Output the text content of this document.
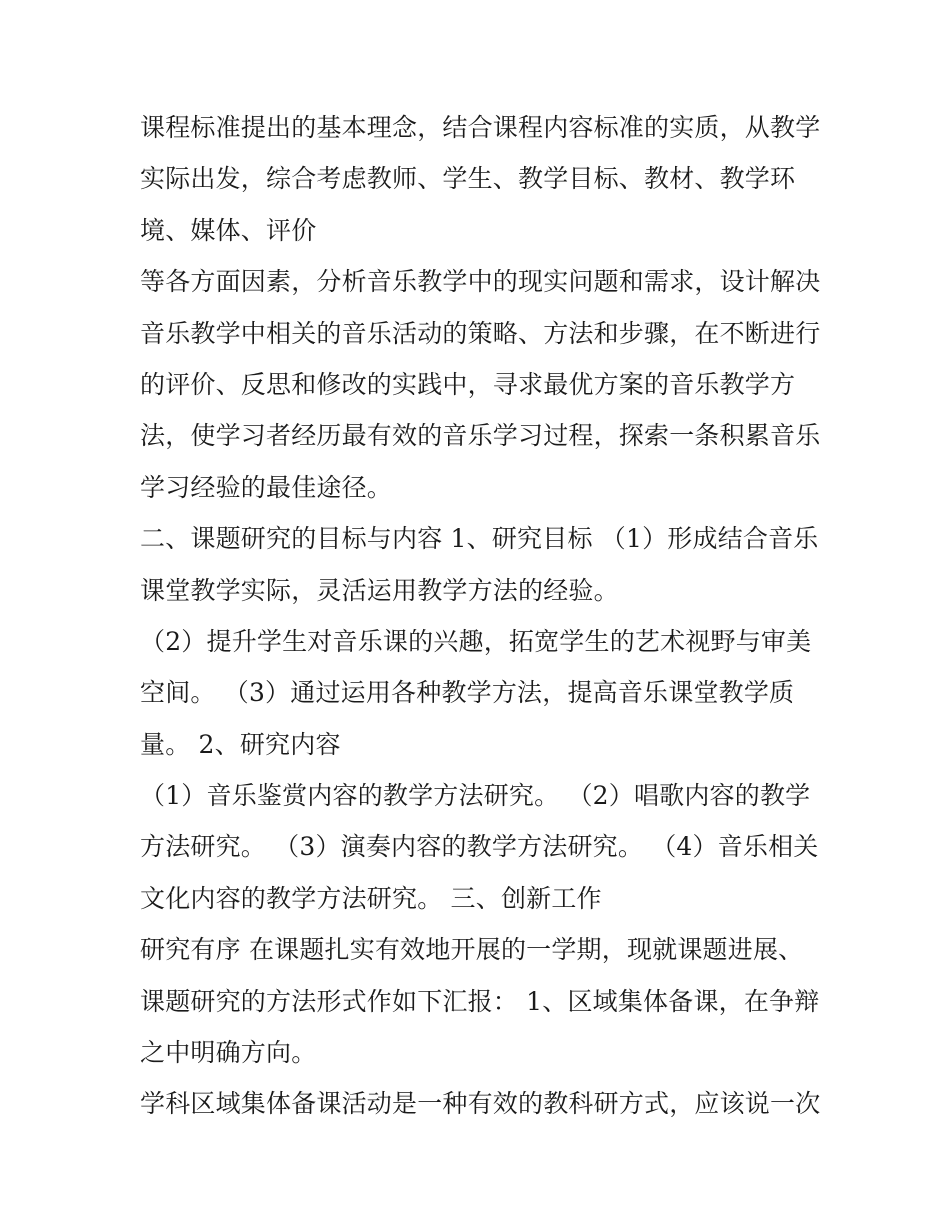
课程标准提出的基本理念，结合课程内容标准的实质，从教学
实际出发，综合考虑教师、学生、教学目标、教材、教学环
境、媒体、评价
等各方面因素，分析音乐教学中的现实问题和需求，设计解决
音乐教学中相关的音乐活动的策略、方法和步骤，在不断进行
的评价、反思和修改的实践中，寻求最优方案的音乐教学方
法，使学习者经历最有效的音乐学习过程，探索一条积累音乐
学习经验的最佳途径。
二、课题研究的目标与内容 1、研究目标 （1）形成结合音乐
课堂教学实际，灵活运用教学方法的经验。
（2）提升学生对音乐课的兴趣，拓宽学生的艺术视野与审美
空间。 （3）通过运用各种教学方法，提高音乐课堂教学质
量。 2、研究内容
（1）音乐鉴赏内容的教学方法研究。 （2）唱歌内容的教学
方法研究。 （3）演奏内容的教学方法研究。 （4）音乐相关
文化内容的教学方法研究。 三、创新工作
研究有序 在课题扎实有效地开展的一学期，现就课题进展、
课题研究的方法形式作如下汇报： 1、区域集体备课，在争辩
之中明确方向。
学科区域集体备课活动是一种有效的教科研方式，应该说一次
